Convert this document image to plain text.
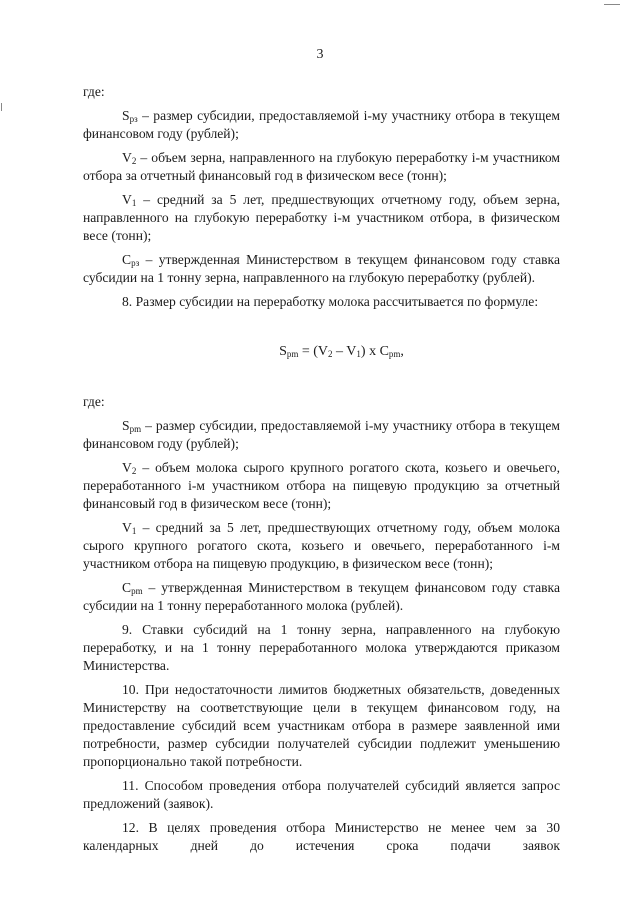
3

где:

$S_{рз}$ – размер субсидии, предоставляемой i-му участнику отбора в текущем финансовом году (рублей);

$V_2$ – объем зерна, направленного на глубокую переработку i-м участником отбора за отчетный финансовый год в физическом весе (тонн);

$V_1$ – средний за 5 лет, предшествующих отчетному году, объем зерна, направленного на глубокую переработку i-м участником отбора, в физическом весе (тонн);

$C_{рз}$ – утвержденная Министерством в текущем финансовом году ставка субсидии на 1 тонну зерна, направленного на глубокую переработку (рублей).

8. Размер субсидии на переработку молока рассчитывается по формуле:

$S_{pm} = (V_2 - V_1)$ x $C_{pm}$,

где:

$S_{pm}$ – размер субсидии, предоставляемой i-му участнику отбора в текущем финансовом году (рублей);

$V_2$ – объем молока сырого крупного рогатого скота, козьего и овечьего, переработанного i-м участником отбора на пищевую продукцию за отчетный финансовый год в физическом весе (тонн);

$V_1$ – средний за 5 лет, предшествующих отчетному году, объем молока сырого крупного рогатого скота, козьего и овечьего, переработанного i-м участником отбора на пищевую продукцию, в физическом весе (тонн);

$C_{pm}$ – утвержденная Министерством в текущем финансовом году ставка субсидии на 1 тонну переработанного молока (рублей).

9. Ставки субсидий на 1 тонну зерна, направленного на глубокую переработку, и на 1 тонну переработанного молока утверждаются приказом Министерства.

10. При недостаточности лимитов бюджетных обязательств, доведенных Министерству на соответствующие цели в текущем финансовом году, на предоставление субсидий всем участникам отбора в размере заявленной ими потребности, размер субсидии получателей субсидии подлежит уменьшению пропорционально такой потребности.

11. Способом проведения отбора получателей субсидий является запрос предложений (заявок).

12. В целях проведения отбора Министерство не менее чем за 30 календарных дней до истечения срока подачи заявок
